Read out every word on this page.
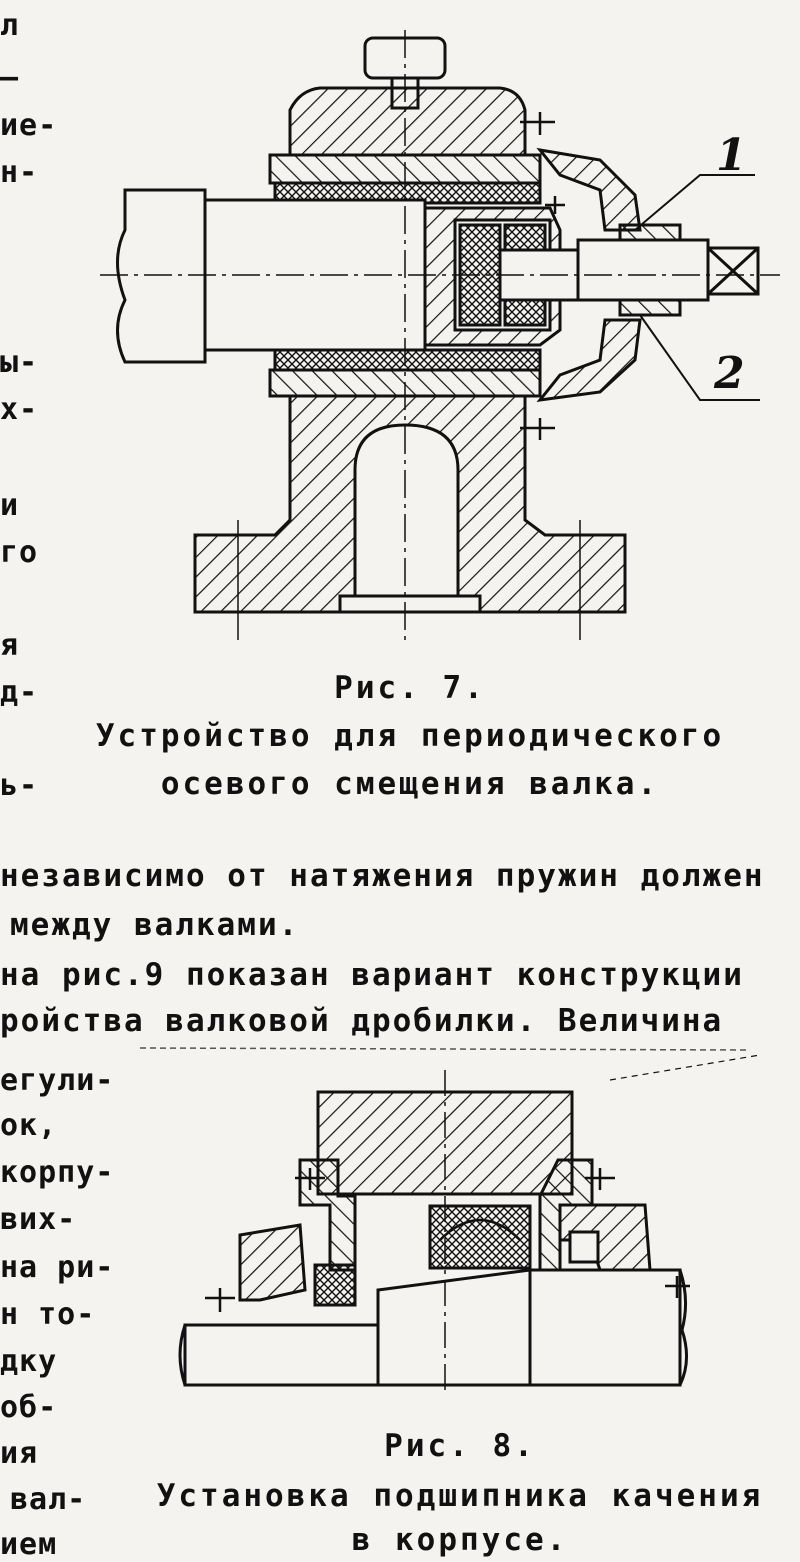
1
2
л
–
ие-
н-
ы-
х-
и
го
я
д-
ь-
Рис. 7.
Устройство для периодического
осевого смещения валка.
независимо от натяжения пружин должен
между валками.
на рис.9 показан вариант конструкции
ройства валковой дробилки. Величина
егули-
ок,
корпу-
вих-
на ри-
н то-
дку
об-
ия
вал-
ием
Рис. 8.
Установка подшипника качения
в корпусе.
